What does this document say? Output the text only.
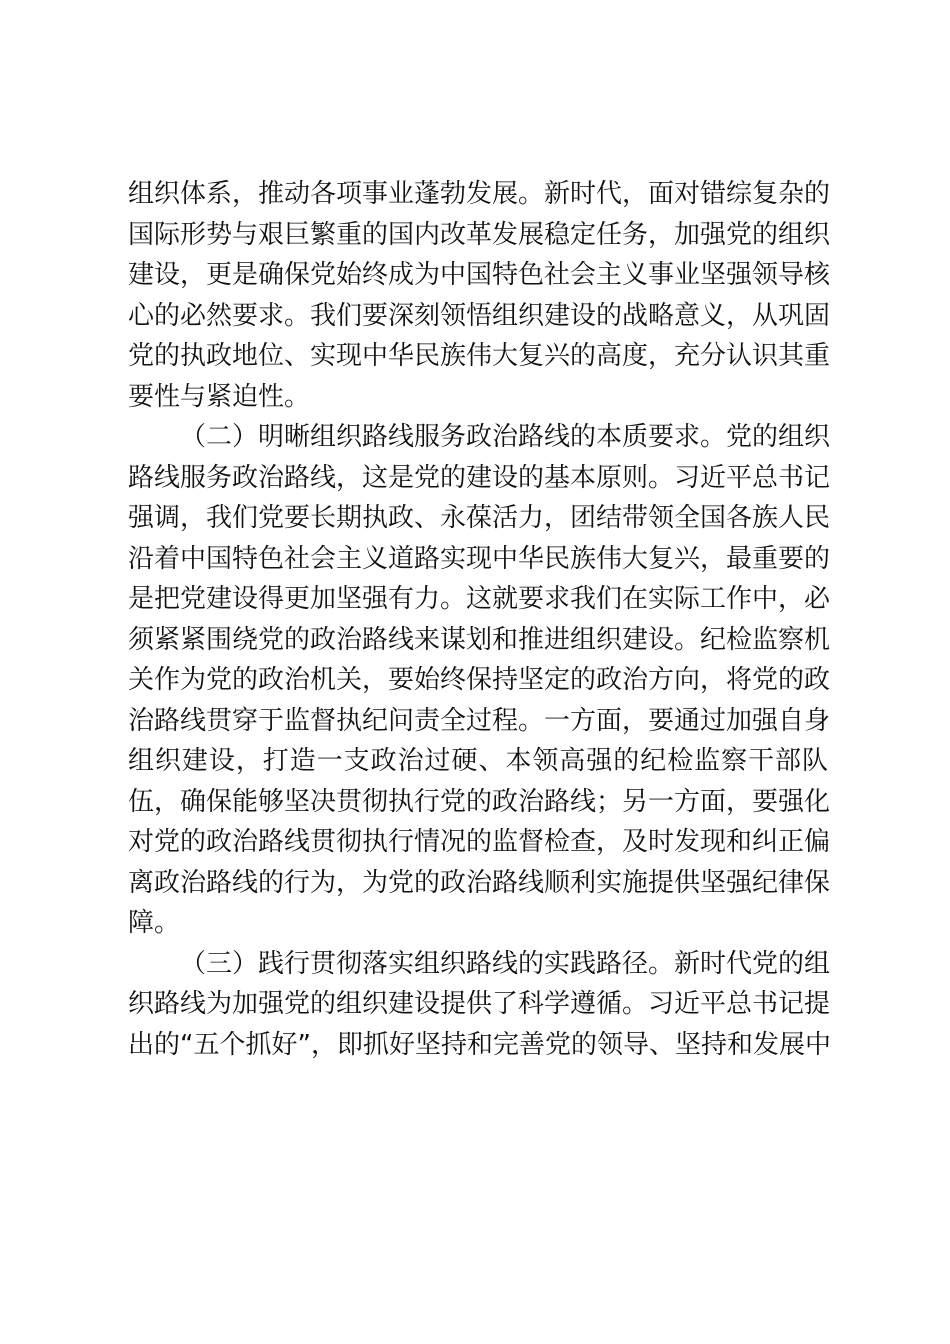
组织体系，推动各项事业蓬勃发展。新时代，面对错综复杂的
国际形势与艰巨繁重的国内改革发展稳定任务，加强党的组织
建设，更是确保党始终成为中国特色社会主义事业坚强领导核
心的必然要求。我们要深刻领悟组织建设的战略意义，从巩固
党的执政地位、实现中华民族伟大复兴的高度，充分认识其重
要性与紧迫性。
（二）明晰组织路线服务政治路线的本质要求。党的组织
路线服务政治路线，这是党的建设的基本原则。习近平总书记
强调，我们党要长期执政、永葆活力，团结带领全国各族人民
沿着中国特色社会主义道路实现中华民族伟大复兴，最重要的
是把党建设得更加坚强有力。这就要求我们在实际工作中，必
须紧紧围绕党的政治路线来谋划和推进组织建设。纪检监察机
关作为党的政治机关，要始终保持坚定的政治方向，将党的政
治路线贯穿于监督执纪问责全过程。一方面，要通过加强自身
组织建设，打造一支政治过硬、本领高强的纪检监察干部队
伍，确保能够坚决贯彻执行党的政治路线；另一方面，要强化
对党的政治路线贯彻执行情况的监督检查，及时发现和纠正偏
离政治路线的行为，为党的政治路线顺利实施提供坚强纪律保
障。
（三）践行贯彻落实组织路线的实践路径。新时代党的组
织路线为加强党的组织建设提供了科学遵循。习近平总书记提
出的“五个抓好”，即抓好坚持和完善党的领导、坚持和发展中
